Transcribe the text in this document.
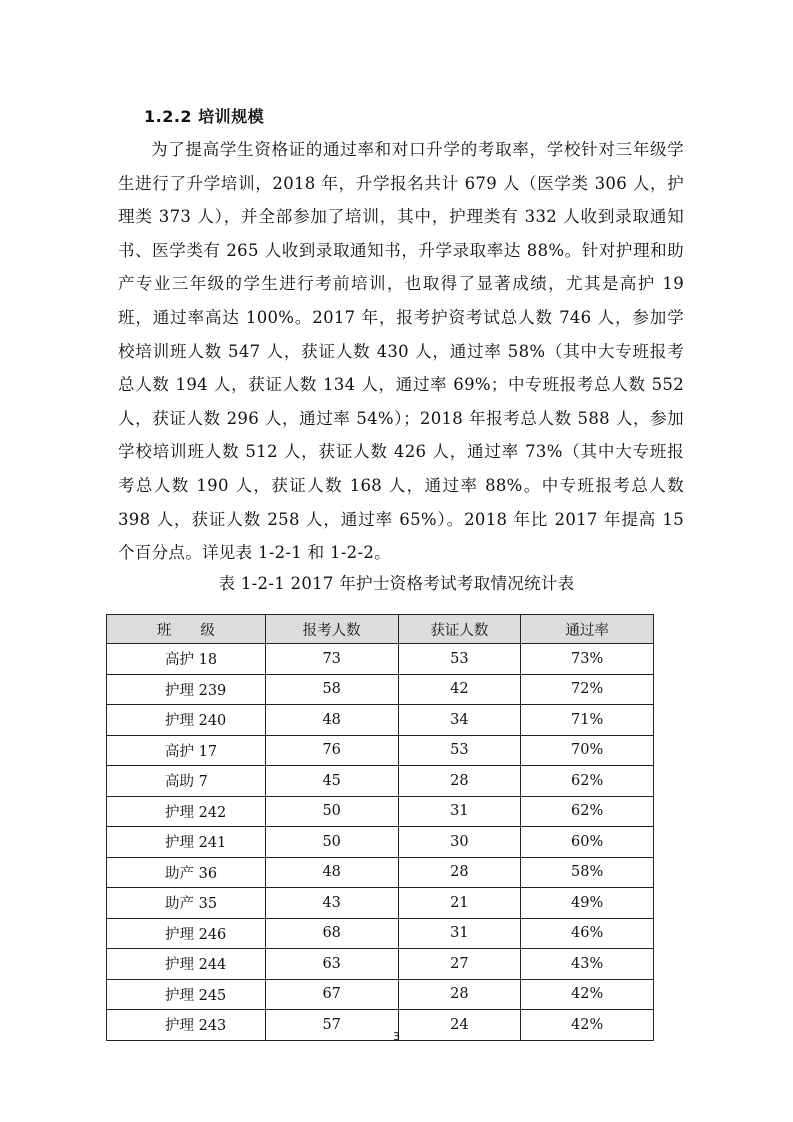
1.2.2 培训规模

为了提高学生资格证的通过率和对口升学的考取率，学校针对三年级学生进行了升学培训，2018 年，升学报名共计 679 人（医学类 306 人，护理类 373 人），并全部参加了培训，其中，护理类有 332 人收到录取通知书、医学类有 265 人收到录取通知书，升学录取率达 88%。针对护理和助产专业三年级的学生进行考前培训，也取得了显著成绩，尤其是高护 19 班，通过率高达 100%。2017 年，报考护资考试总人数 746 人，参加学校培训班人数 547 人，获证人数 430 人，通过率 58%（其中大专班报考总人数 194 人，获证人数 134 人，通过率 69%；中专班报考总人数 552 人，获证人数 296 人，通过率 54%）；2018 年报考总人数 588 人，参加学校培训班人数 512 人，获证人数 426 人，通过率 73%（其中大专班报考总人数 190 人，获证人数 168 人，通过率 88%。中专班报考总人数 398 人，获证人数 258 人，通过率 65%）。2018 年比 2017 年提高 15 个百分点。详见表 1-2-1 和 1-2-2。

表 1-2-1 2017 年护士资格考试考取情况统计表
班　　级	报考人数	获证人数	通过率
高护 18	73	53	73%
护理 239	58	42	72%
护理 240	48	34	71%
高护 17	76	53	70%
高助 7	45	28	62%
护理 242	50	31	62%
护理 241	50	30	60%
助产 36	48	28	58%
助产 35	43	21	49%
护理 246	68	31	46%
护理 244	63	27	43%
护理 245	67	28	42%
护理 243	57	24	42%
3
